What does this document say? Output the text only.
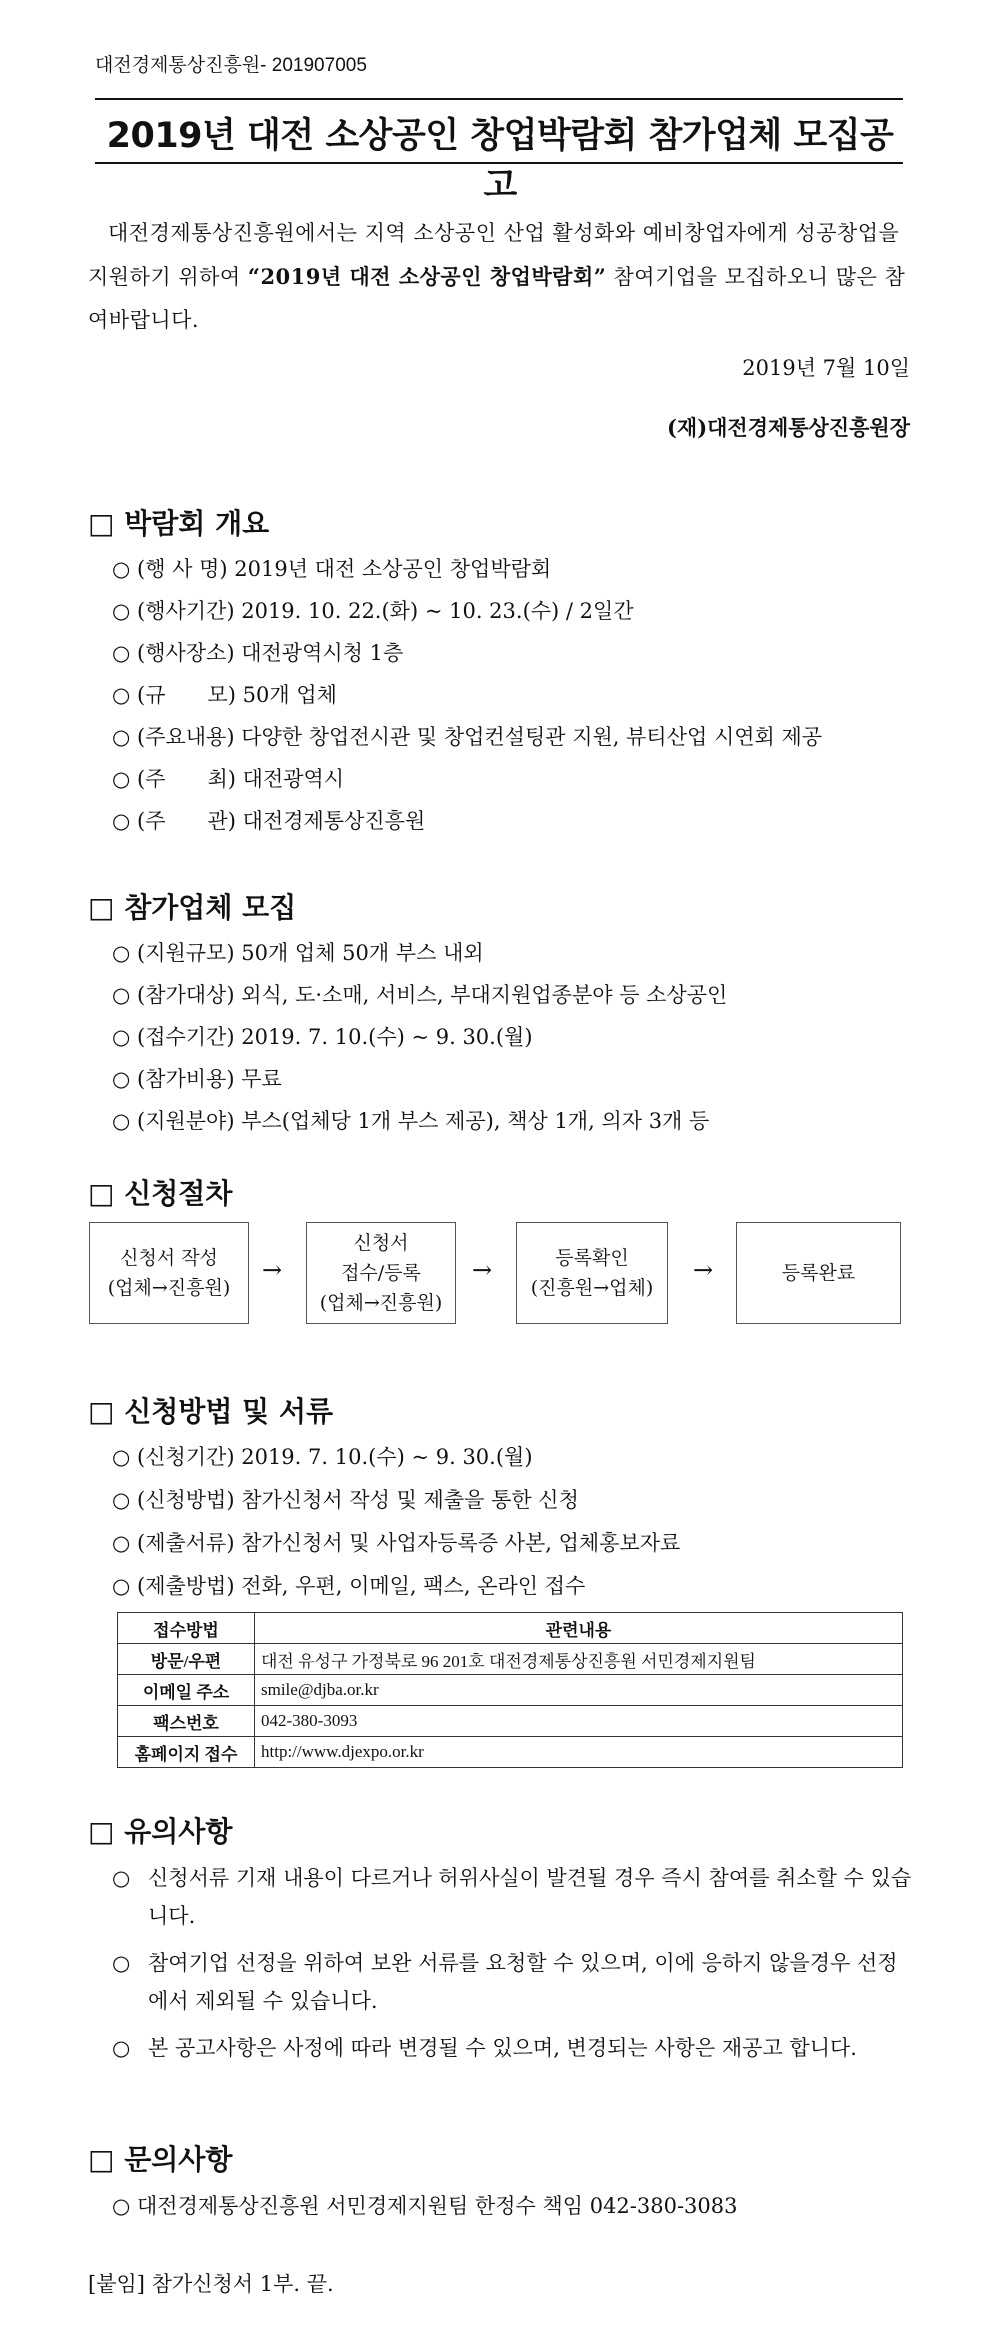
대전경제통상진흥원- 201907005
2019년 대전 소상공인 창업박람회 참가업체 모집공고
대전경제통상진흥원에서는 지역 소상공인 산업 활성화와 예비창업자에게 성공창업을 지원하기 위하여 “2019년 대전 소상공인 창업박람회” 참여기업을 모집하오니 많은 참여바랍니다.
2019년 7월 10일
(재)대전경제통상진흥원장
□ 박람회 개요
○ (행 사 명) 2019년 대전 소상공인 창업박람회
○ (행사기간) 2019. 10. 22.(화) ~ 10. 23.(수) / 2일간
○ (행사장소) 대전광역시청 1층
○ (규　　모) 50개 업체
○ (주요내용) 다양한 창업전시관 및 창업컨설팅관 지원, 뷰티산업 시연회 제공
○ (주　　최) 대전광역시
○ (주　　관) 대전경제통상진흥원
□ 참가업체 모집
○ (지원규모) 50개 업체 50개 부스 내외
○ (참가대상) 외식, 도·소매, 서비스, 부대지원업종분야 등 소상공인
○ (접수기간) 2019. 7. 10.(수) ~ 9. 30.(월)
○ (참가비용) 무료
○ (지원분야) 부스(업체당 1개 부스 제공), 책상 1개, 의자 3개 등
□ 신청절차
신청서 작성
(업체→진흥원)
→
신청서
접수/등록
(업체→진흥원)
→	등록확인
(진흥원→업체)
→	등록완료
□ 신청방법 및 서류
○ (신청기간) 2019. 7. 10.(수) ~ 9. 30.(월)
○ (신청방법) 참가신청서 작성 및 제출을 통한 신청
○ (제출서류) 참가신청서 및 사업자등록증 사본, 업체홍보자료
○ (제출방법) 전화, 우편, 이메일, 팩스, 온라인 접수
접수방법	관련내용
방문/우편	대전 유성구 가정북로 96 201호 대전경제통상진흥원 서민경제지원팀
이메일 주소	smile@djba.or.kr
팩스번호	042-380-3093
홈페이지 접수	http://www.djexpo.or.kr
□ 유의사항
○ 신청서류 기재 내용이 다르거나 허위사실이 발견될 경우 즉시 참여를 취소할 수 있습니다.
○ 참여기업 선정을 위하여 보완 서류를 요청할 수 있으며, 이에 응하지 않을경우 선정에서 제외될 수 있습니다.
○ 본 공고사항은 사정에 따라 변경될 수 있으며, 변경되는 사항은 재공고 합니다.
□ 문의사항
○ 대전경제통상진흥원 서민경제지원팀 한정수 책임 042-380-3083
[붙임] 참가신청서 1부. 끝.
